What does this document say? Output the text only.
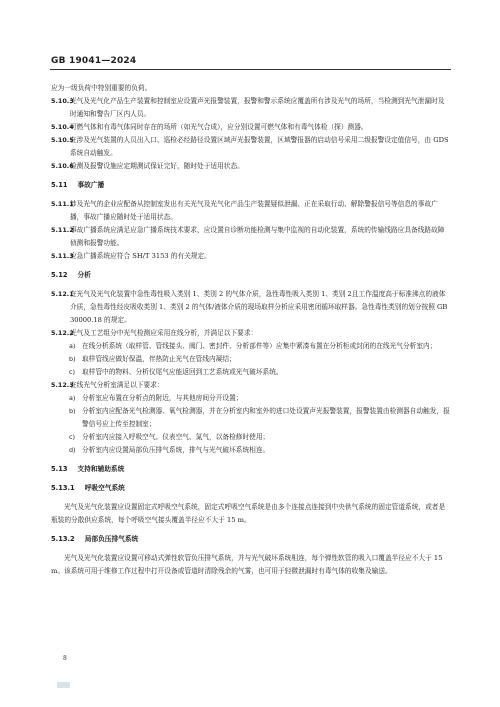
GB 19041—2024
应为一级负荷中特别重要的负荷。
5.10.3光气及光气化产品生产装置和控制室应设置声光报警装置，报警和警示系统应覆盖所有涉及光气的场所，当检测到光气泄漏时及时通知和警告厂区内人员。
5.10.4可燃气体和有毒气体同时存在的场所（如光气合成），应分别设置可燃气体和有毒气体检（探）测器。
5.10.5在涉及光气装置的人员出入口、巡检必经路径设置区域声光报警装置，区域警报器的启动信号采用二级报警设定值信号，由 GDS 系统自动触发。
5.10.6检测及报警设施应定期测试保证完好，随时处于适用状态。
5.11 事故广播
5.11.1涉及光气的企业应配备从控制室发出有关光气及光气化产品生产装置疑似泄漏、正在采取行动、解除警报信号等信息的事故广播，事故广播应随时处于适用状态。
5.11.2事故广播系统应满足应急广播系统技术要求，应设置自诊断功能检测与集中监视的自动化装置，系统的传输线路应具备线路故障侦测和报警功能。
5.11.3应急广播系统应符合 SH/T 3153 的有关规定。
5.12 分析
5.12.1在光气及光气化装置中急性毒性吸入类别 1、类别 2 的气体介质，急性毒性吸入类别 1、类别 2且工作温度高于标准沸点的液体介质，急性毒性经皮吸收类别 1、类别 2 的气体/液体介质的现场取样分析应采用密闭循环取样器。急性毒性类别的划分按照 GB 30000.18 的规定。
5.12.2光气及工艺组分中光气检测应采用在线分析，并满足以下要求：
a) 在线分析系统（取样管、管线接头、阀门、密封件、分析部件等）应集中紧凑布置在分析柜或封闭的在线光气分析室内；
b) 取样管线应做好保温，伴热防止光气在管线内凝结；
c) 取样管中的物料、分析仪尾气应能返回到工艺系统或光气破坏系统。
5.12.3在线光气分析室满足以下要求：
a) 分析室应布置在分析点的附近，与其他房间分开设置；
b) 分析室内应配备光气检测器、氧气检测器，并在分析室内和室外的进口处设置声光报警装置，报警装置由检测器自动触发，报警信号应上传至控制室；
c) 分析室内应接入呼吸空气、仪表空气、氮气，以备检修时使用；
d) 分析室内应设置局部负压排气系统，排气与光气破坏系统相连。
5.13 支持和辅助系统
5.13.1 呼吸空气系统
光气及光气化装置应设置固定式呼吸空气系统，固定式呼吸空气系统是由多个连接点连接到中央供气系统的固定管道系统，或者是瓶装的分散供应系统，每个呼吸空气接头覆盖半径应不大于 15 m。
5.13.2 局部负压排气系统
光气及光气化装置应设置可移动式弹性软管负压排气系统，并与光气破坏系统相连，每个弹性软管的吸入口覆盖半径应不大于 15 m。该系统可用于维修工作过程中打开设备或管道时清除残余的气雾，也可用于轻微泄漏时有毒气体的收集及输送。
8
